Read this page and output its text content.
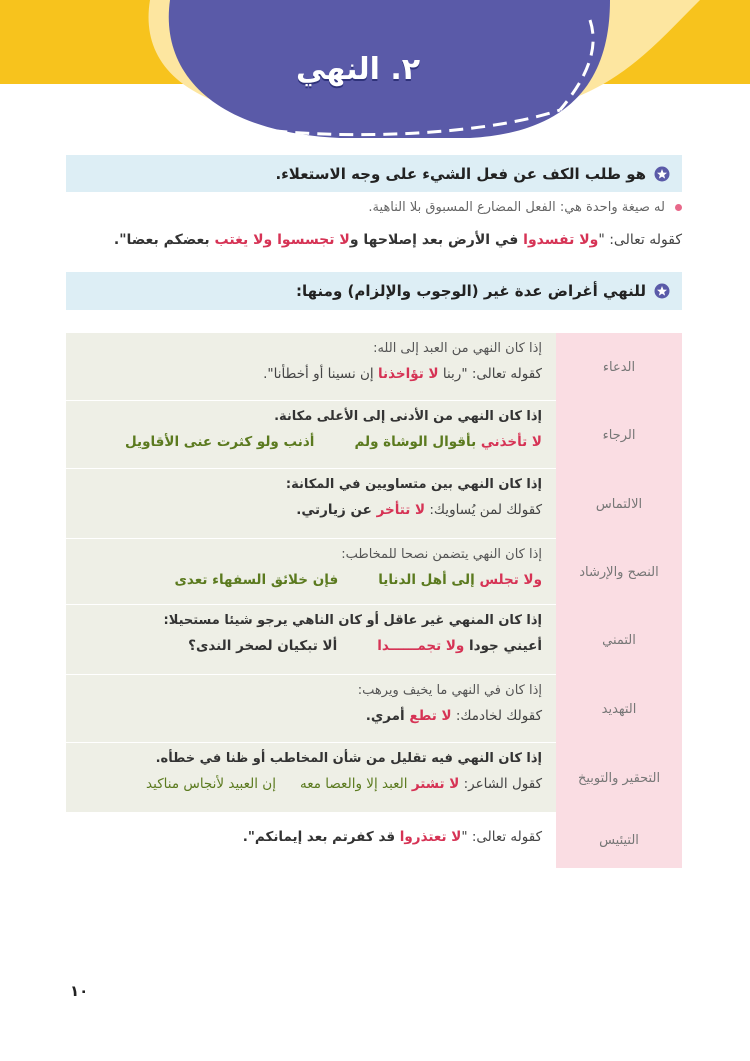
٢. النهي
هو طلب الكف عن فعل الشيء على وجه الاستعلاء.
له صيغة واحدة هي: الفعل المضارع المسبوق بلا الناهية.
كقوله تعالى: "ولا تفسدوا في الأرض بعد إصلاحها ولا تجسسوا ولا يغتب بعضكم بعضا".
للنهي أغراض عدة غير (الوجوب والإلزام) ومنها:
الدعاء
إذا كان النهي من العبد إلى الله:
كقوله تعالى: "ربنا لا تؤاخذنا إن نسينا أو أخطأنا".
الرجاء
إذا كان النهي من الأدنى إلى الأعلى مكانة.
لا تأخذني بأقوال الوشاة ولمأذنب ولو كثرت عنى الأقاويل
الالتماس
إذا كان النهي بين متساويين في المكانة:
كقولك لمن يُساويك: لا تتأخر عن زيارتي.
النصح والإرشاد
إذا كان النهي يتضمن نصحا للمخاطب:
ولا تجلس إلى أهل الدنايافإن خلائق السفهاء تعدى
التمني
إذا كان المنهي غير عاقل أو كان الناهي يرجو شيئا مستحيلا:
أعيني جودا ولا تجمــــــداألا تبكيان لصخر الندى؟
التهديد
إذا كان في النهي ما يخيف ويرهب:
كقولك لخادمك: لا تطع أمري.
التحقير والتوبيخ
إذا كان النهي فيه تقليل من شأن المخاطب أو ظنا في خطأه.
كقول الشاعر: لا تشتر العبد إلا والعصا معهإن العبيد لأنجاس مناكيد
التيئيس
كقوله تعالى: "لا تعتذروا قد كفرتم بعد إيمانكم".
١٠
